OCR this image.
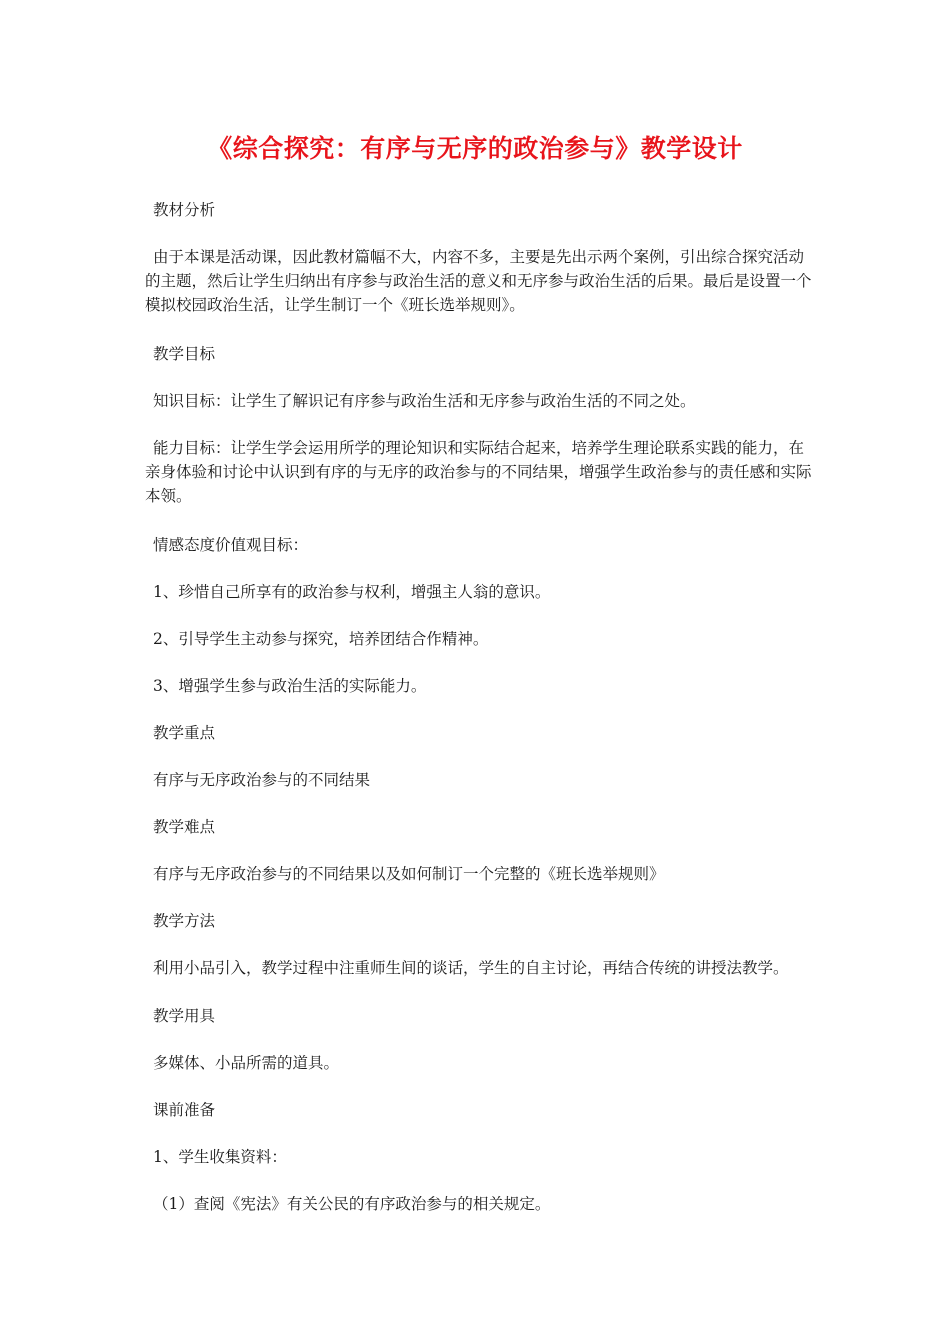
《综合探究：有序与无序的政治参与》教学设计

教材分析

由于本课是活动课，因此教材篇幅不大，内容不多，主要是先出示两个案例，引出综合探究活动的主题，然后让学生归纳出有序参与政治生活的意义和无序参与政治生活的后果。最后是设置一个模拟校园政治生活，让学生制订一个《班长选举规则》。

教学目标

知识目标：让学生了解识记有序参与政治生活和无序参与政治生活的不同之处。

能力目标：让学生学会运用所学的理论知识和实际结合起来，培养学生理论联系实践的能力，在亲身体验和讨论中认识到有序的与无序的政治参与的不同结果，增强学生政治参与的责任感和实际本领。

情感态度价值观目标：

1、珍惜自己所享有的政治参与权利，增强主人翁的意识。

2、引导学生主动参与探究，培养团结合作精神。

3、增强学生参与政治生活的实际能力。

教学重点

有序与无序政治参与的不同结果

教学难点

有序与无序政治参与的不同结果以及如何制订一个完整的《班长选举规则》

教学方法

利用小品引入，教学过程中注重师生间的谈话，学生的自主讨论，再结合传统的讲授法教学。

教学用具

多媒体、小品所需的道具。

课前准备

1、学生收集资料：

（1）查阅《宪法》有关公民的有序政治参与的相关规定。
